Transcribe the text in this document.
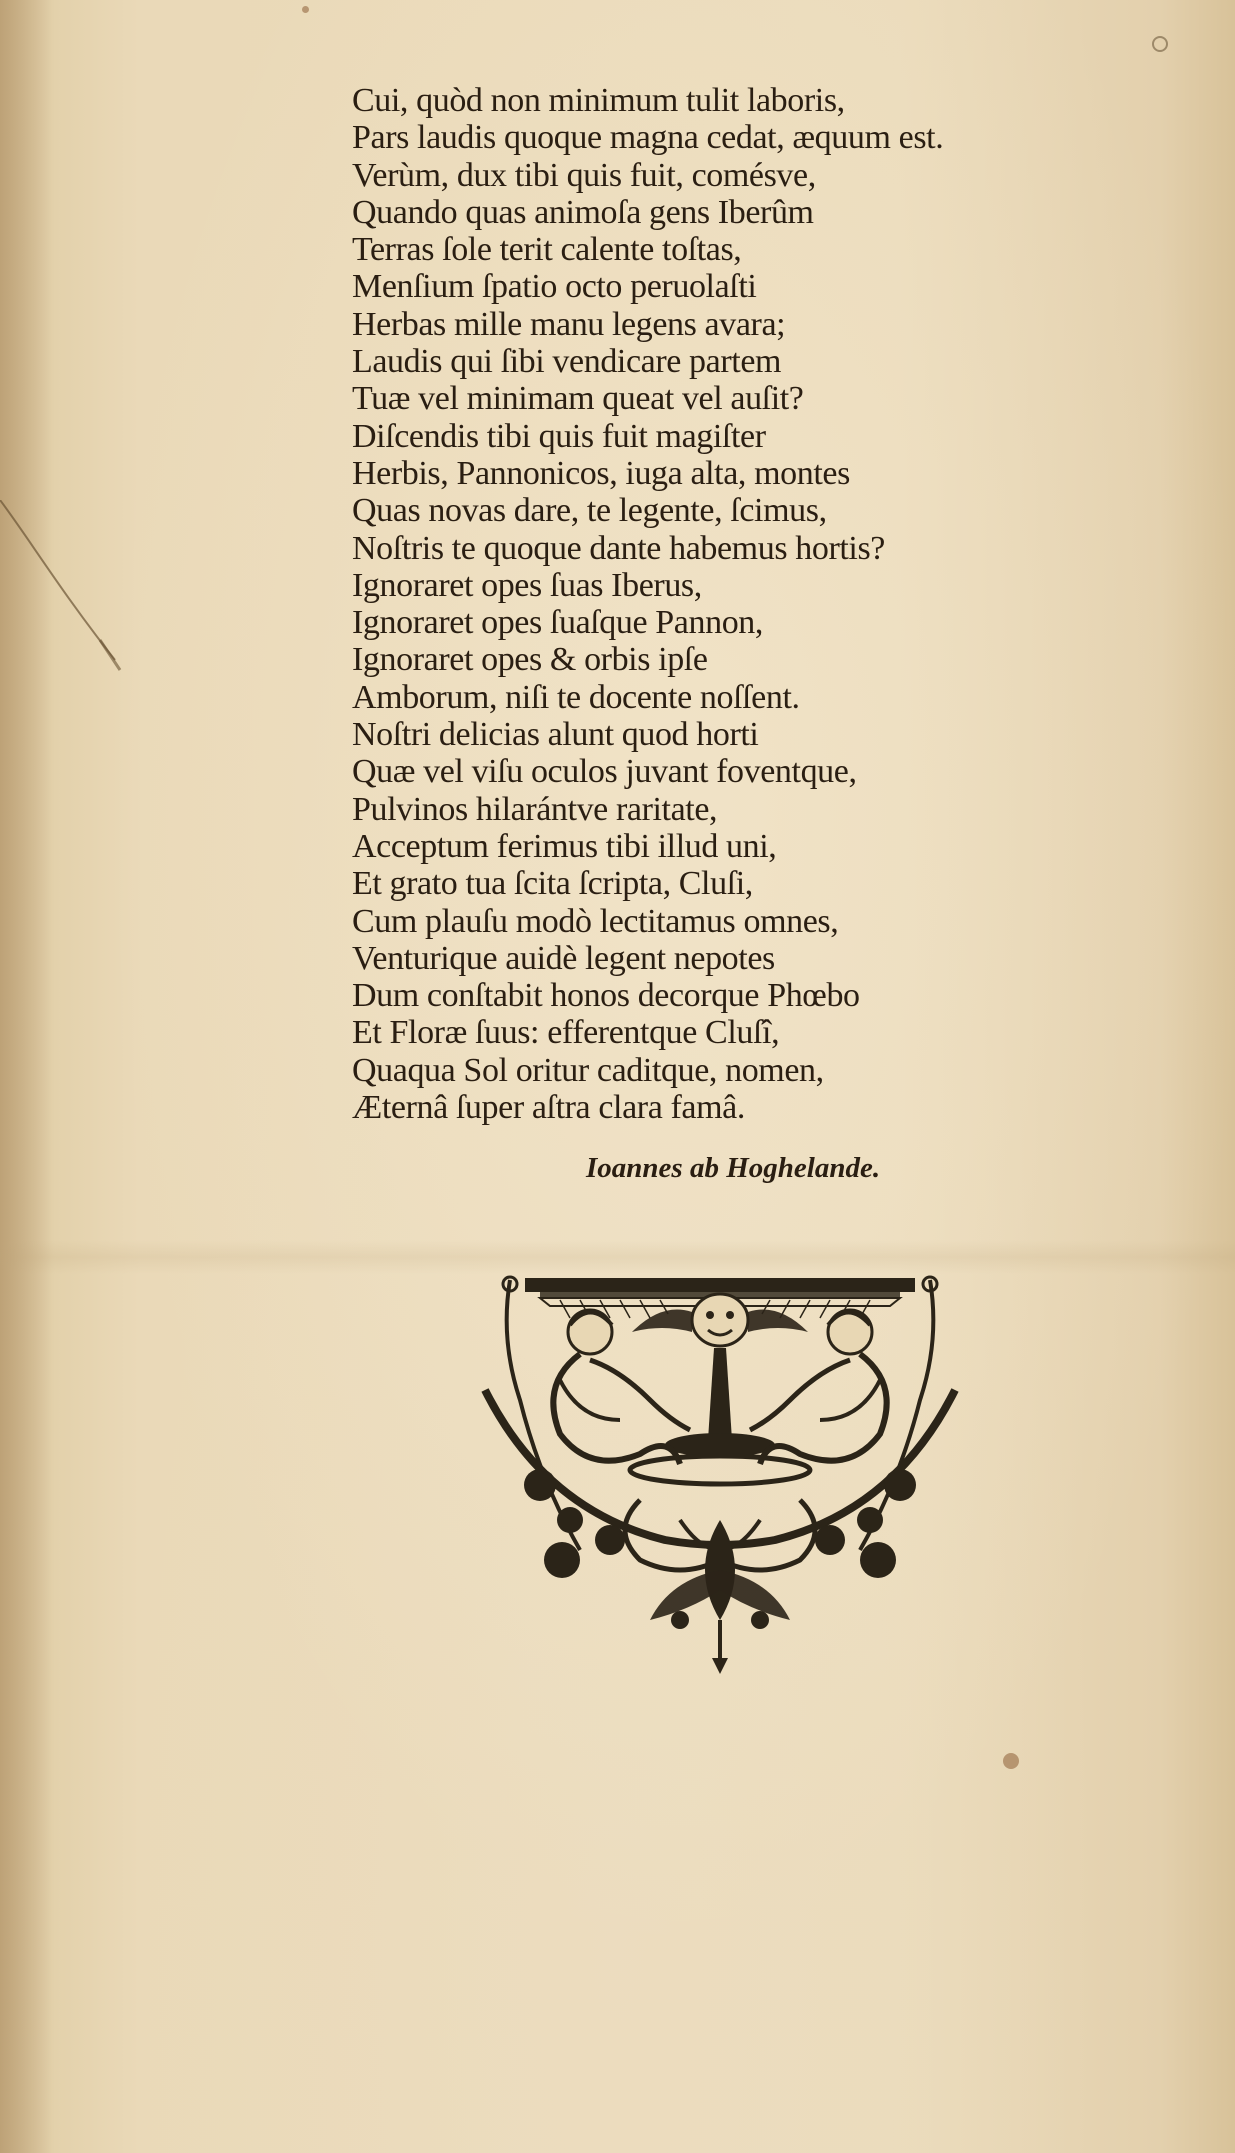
Cui, quòd non minimum tulit laboris,
Pars laudis quoque magna cedat, æquum est.
Verùm, dux tibi quis fuit, comésve,
Quando quas animoſa gens Iberûm
Terras ſole terit calente toſtas,
Menſium ſpatio octo peruolaſti
Herbas mille manu legens avara;
Laudis qui ſibi vendicare partem
Tuæ vel minimam queat vel auſit?
Diſcendis tibi quis fuit magiſter
Herbis, Pannonicos, iuga alta, montes
Quas novas dare, te legente, ſcimus,
Noſtris te quoque dante habemus hortis?
Ignoraret opes ſuas Iberus,
Ignoraret opes ſuaſque Pannon,
Ignoraret opes & orbis ipſe
Amborum, niſi te docente noſſent.
Noſtri delicias alunt quod horti
Quæ vel viſu oculos juvant foventque,
Pulvinos hilarántve raritate,
Acceptum ferimus tibi illud uni,
Et grato tua ſcita ſcripta, Cluſi,
Cum plauſu modò lectitamus omnes,
Venturique auidè legent nepotes
Dum conſtabit honos decorque Phœbo
Et Floræ ſuus: efferentque Cluſî,
Quaqua Sol oritur caditque, nomen,
Æternâ ſuper aſtra clara famâ.
Ioannes ab Hoghelande.
